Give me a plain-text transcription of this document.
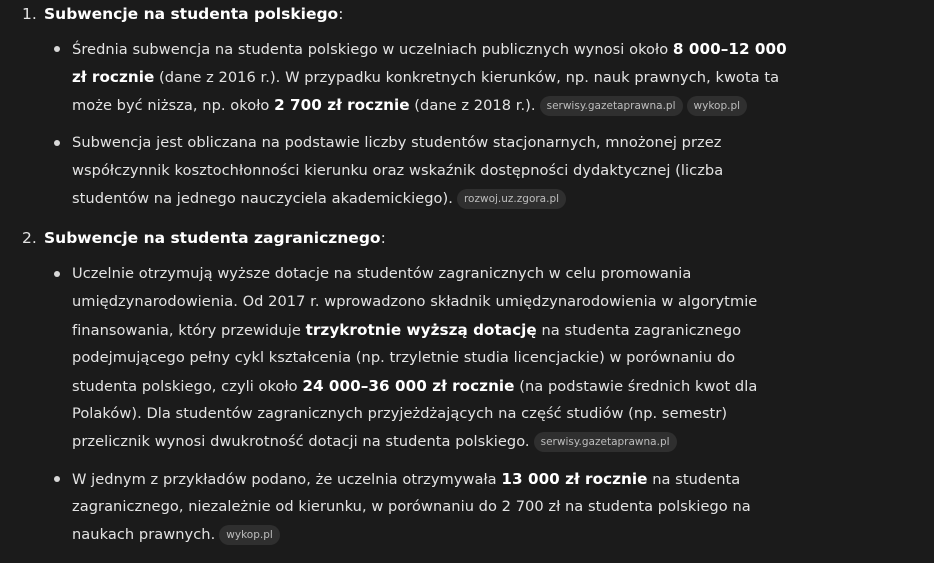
1. Subwencje na studenta polskiego:
Średnia subwencja na studenta polskiego w uczelniach publicznych wynosi około 8 000–12 000
zł rocznie (dane z 2016 r.). W przypadku konkretnych kierunków, np. nauk prawnych, kwota ta
może być niższa, np. około 2 700 zł rocznie (dane z 2018 r.). serwisy.gazetaprawna.pl wykop.pl
Subwencja jest obliczana na podstawie liczby studentów stacjonarnych, mnożonej przez
współczynnik kosztochłonności kierunku oraz wskaźnik dostępności dydaktycznej (liczba
studentów na jednego nauczyciela akademickiego). rozwoj.uz.zgora.pl
2. Subwencje na studenta zagranicznego:
Uczelnie otrzymują wyższe dotacje na studentów zagranicznych w celu promowania
umiędzynarodowienia. Od 2017 r. wprowadzono składnik umiędzynarodowienia w algorytmie
finansowania, który przewiduje trzykrotnie wyższą dotację na studenta zagranicznego
podejmującego pełny cykl kształcenia (np. trzyletnie studia licencjackie) w porównaniu do
studenta polskiego, czyli około 24 000–36 000 zł rocznie (na podstawie średnich kwot dla
Polaków). Dla studentów zagranicznych przyjeżdżających na część studiów (np. semestr)
przelicznik wynosi dwukrotność dotacji na studenta polskiego. serwisy.gazetaprawna.pl
W jednym z przykładów podano, że uczelnia otrzymywała 13 000 zł rocznie na studenta
zagranicznego, niezależnie od kierunku, w porównaniu do 2 700 zł na studenta polskiego na
naukach prawnych. wykop.pl
